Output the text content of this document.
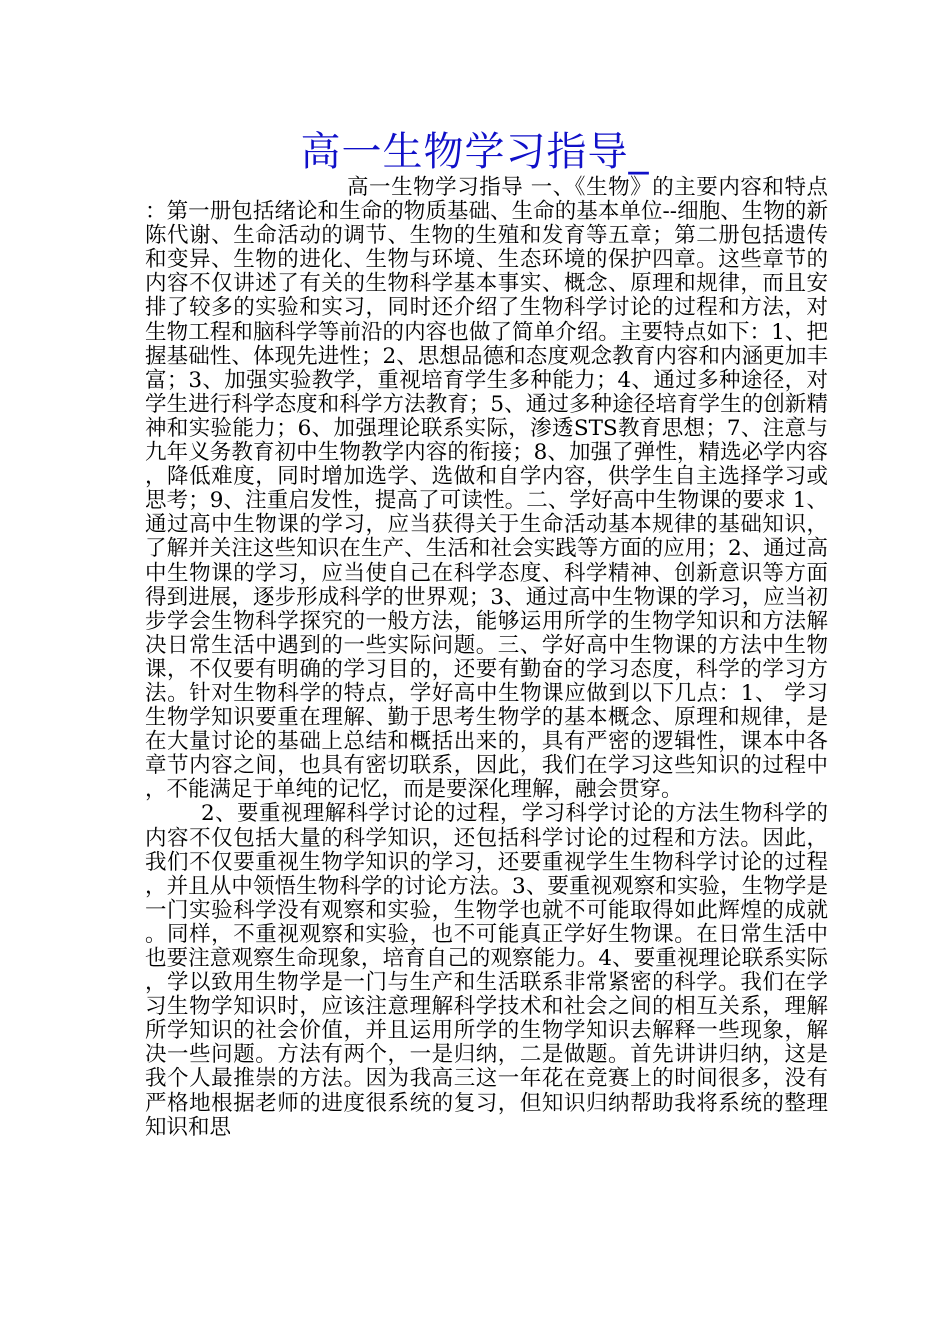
高一生物学习指导_

高一生物学习指导 一、《生物》的主要内容和特点：第一册包括绪论和生命的物质基础、生命的基本单位--细胞、生物的新陈代谢、生命活动的调节、生物的生殖和发育等五章；第二册包括遗传和变异、生物的进化、生物与环境、生态环境的保护四章。这些章节的内容不仅讲述了有关的生物科学基本事实、概念、原理和规律，而且安排了较多的实验和实习，同时还介绍了生物科学讨论的过程和方法，对生物工程和脑科学等前沿的内容也做了简单介绍。主要特点如下：1、把握基础性、体现先进性；2、思想品德和态度观念教育内容和内涵更加丰富；3、加强实验教学，重视培育学生多种能力；4、通过多种途径，对学生进行科学态度和科学方法教育；5、通过多种途径培育学生的创新精神和实验能力；6、加强理论联系实际，渗透STS教育思想；7、注意与九年义务教育初中生物教学内容的衔接；8、加强了弹性，精选必学内容，降低难度，同时增加选学、选做和自学内容，供学生自主选择学习或思考；9、注重启发性，提高了可读性。二、学好高中生物课的要求 1、通过高中生物课的学习，应当获得关于生命活动基本规律的基础知识，了解并关注这些知识在生产、生活和社会实践等方面的应用；2、通过高中生物课的学习，应当使自己在科学态度、科学精神、创新意识等方面得到进展，逐步形成科学的世界观；3、通过高中生物课的学习，应当初步学会生物科学探究的一般方法，能够运用所学的生物学知识和方法解决日常生活中遇到的一些实际问题。三、学好高中生物课的方法中生物课，不仅要有明确的学习目的，还要有勤奋的学习态度，科学的学习方法。针对生物科学的特点，学好高中生物课应做到以下几点：1、 学习生物学知识要重在理解、勤于思考生物学的基本概念、原理和规律，是在大量讨论的基础上总结和概括出来的，具有严密的逻辑性，课本中各章节内容之间，也具有密切联系，因此，我们在学习这些知识的过程中，不能满足于单纯的记忆，而是要深化理解，融会贯穿。

2、要重视理解科学讨论的过程，学习科学讨论的方法生物科学的内容不仅包括大量的科学知识，还包括科学讨论的过程和方法。因此，我们不仅要重视生物学知识的学习，还要重视学生生物科学讨论的过程，并且从中领悟生物科学的讨论方法。3、要重视观察和实验，生物学是一门实验科学没有观察和实验，生物学也就不可能取得如此辉煌的成就。同样，不重视观察和实验，也不可能真正学好生物课。在日常生活中也要注意观察生命现象，培育自己的观察能力。4、要重视理论联系实际，学以致用生物学是一门与生产和生活联系非常紧密的科学。我们在学习生物学知识时，应该注意理解科学技术和社会之间的相互关系，理解所学知识的社会价值，并且运用所学的生物学知识去解释一些现象，解决一些问题。方法有两个，一是归纳，二是做题。首先讲讲归纳，这是我个人最推崇的方法。因为我高三这一年花在竞赛上的时间很多，没有严格地根据老师的进度很系统的复习，但知识归纳帮助我将系统的整理知识和思
